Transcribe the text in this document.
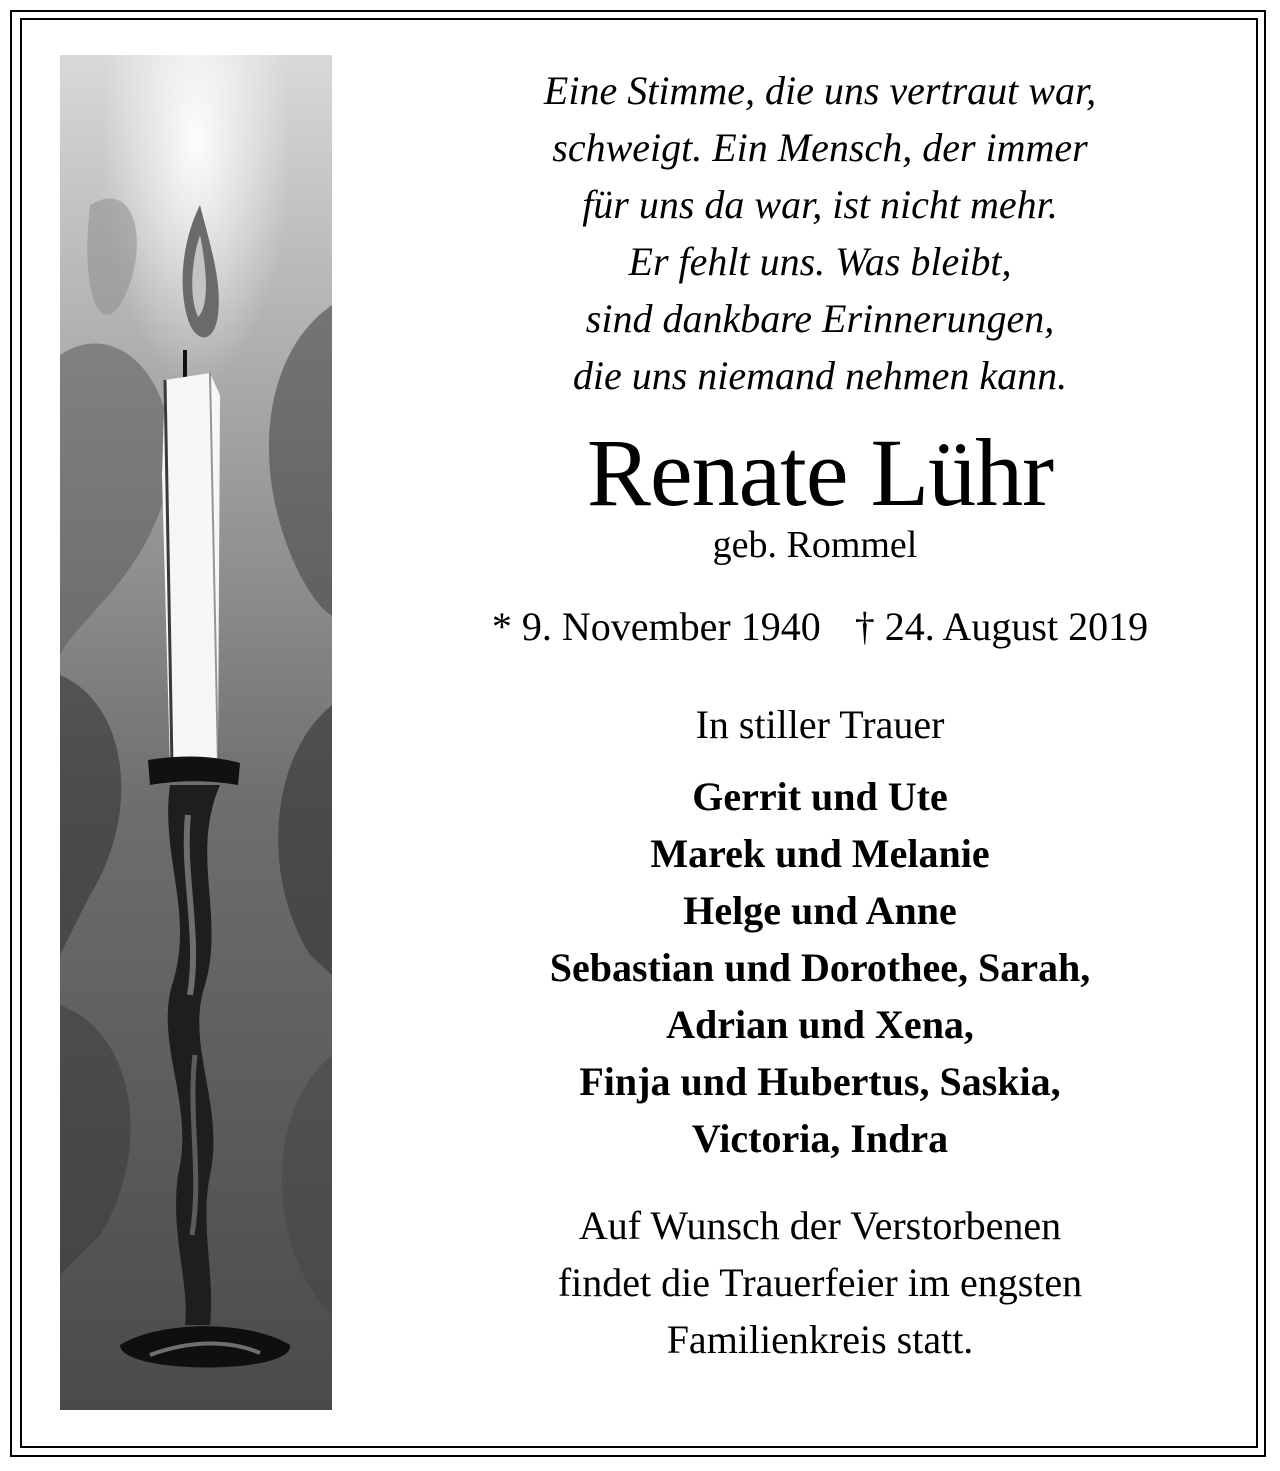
Eine Stimme, die uns vertraut war,
schweigt. Ein Mensch, der immer
für uns da war, ist nicht mehr.
Er fehlt uns. Was bleibt,
sind dankbare Erinnerungen,
die uns niemand nehmen kann.
Renate Lühr
geb. Rommel
* 9. November 1940 † 24. August 2019
In stiller Trauer
Gerrit und Ute
Marek und Melanie
Helge und Anne
Sebastian und Dorothee, Sarah,
Adrian und Xena,
Finja und Hubertus, Saskia,
Victoria, Indra
Auf Wunsch der Verstorbenen
findet die Trauerfeier im engsten
Familienkreis statt.
